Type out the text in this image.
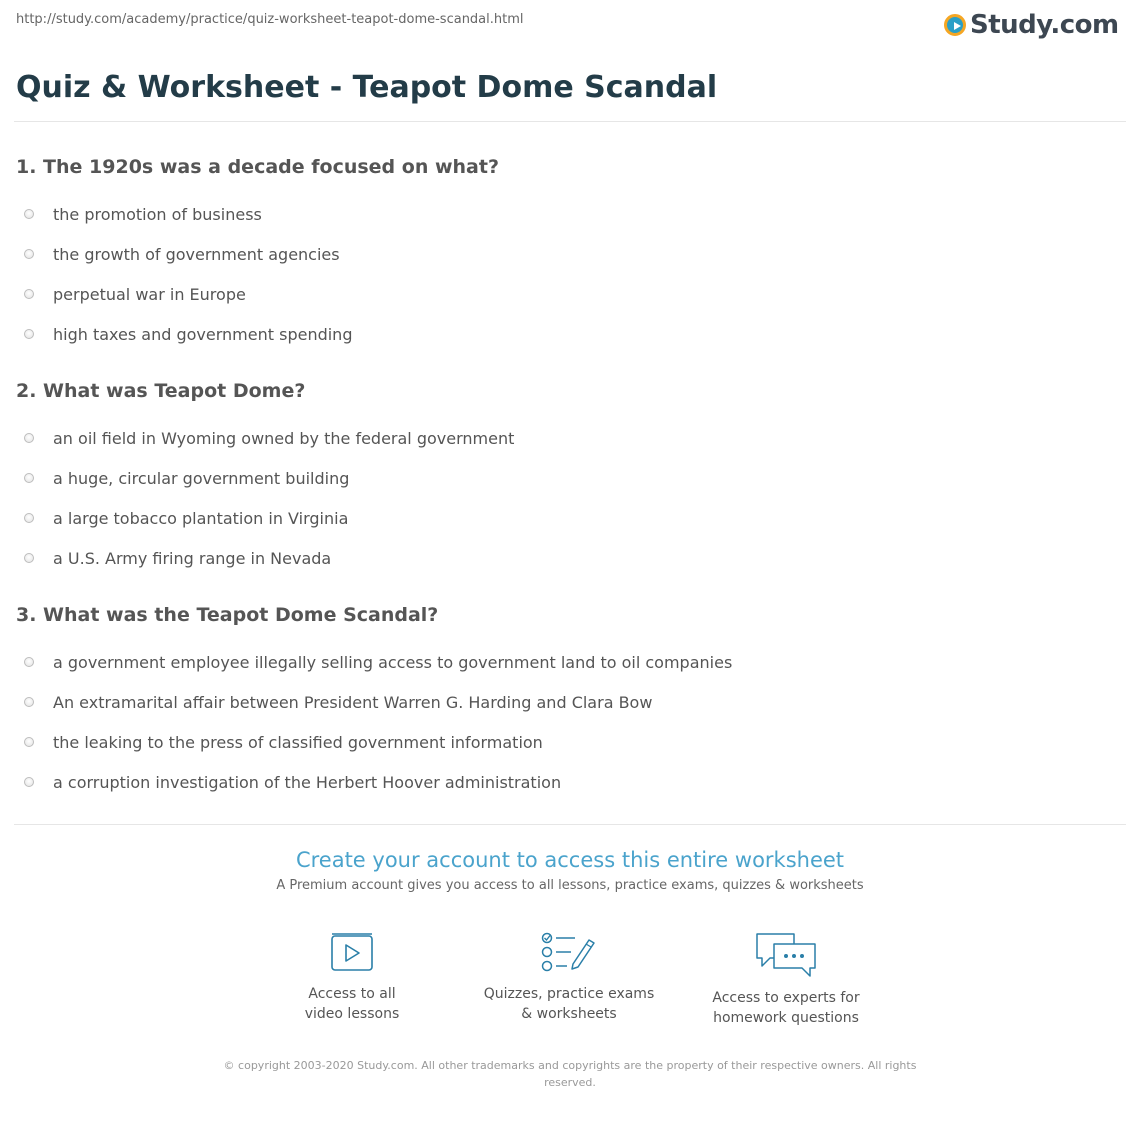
http://study.com/academy/practice/quiz-worksheet-teapot-dome-scandal.html	Study.com
Quiz & Worksheet - Teapot Dome Scandal
1. The 1920s was a decade focused on what?
the promotion of business
the growth of government agencies
perpetual war in Europe
high taxes and government spending
2. What was Teapot Dome?
an oil field in Wyoming owned by the federal government
a huge, circular government building
a large tobacco plantation in Virginia
a U.S. Army firing range in Nevada
3. What was the Teapot Dome Scandal?
a government employee illegally selling access to government land to oil companies
An extramarital affair between President Warren G. Harding and Clara Bow
the leaking to the press of classified government information
a corruption investigation of the Herbert Hoover administration
Create your account to access this entire worksheet
A Premium account gives you access to all lessons, practice exams, quizzes & worksheets
Access to all
video lessons
Quizzes, practice exams
& worksheets
Access to experts for
homework questions
© copyright 2003-2020 Study.com. All other trademarks and copyrights are the property of their respective owners. All rights reserved.
